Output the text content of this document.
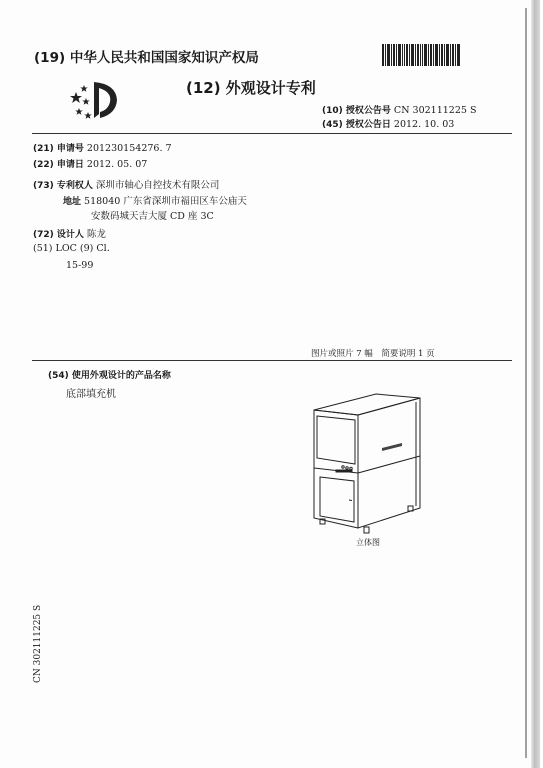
(19) 中华人民共和国国家知识产权局
(12) 外观设计专利
(10) 授权公告号 CN 302111225 S
(45) 授权公告日 2012. 10. 03
(21) 申请号 201230154276. 7
(22) 申请日 2012. 05. 07
(73) 专利权人 深圳市轴心自控技术有限公司
地址 518040 广东省深圳市福田区车公庙天
安数码城天吉大厦 CD 座 3C
(72) 设计人 陈龙
(51) LOC (9) Cl.
15-99
图片或照片 7 幅　简要说明 1 页
(54) 使用外观设计的产品名称
底部填充机
立体图
CN 302111225 S
